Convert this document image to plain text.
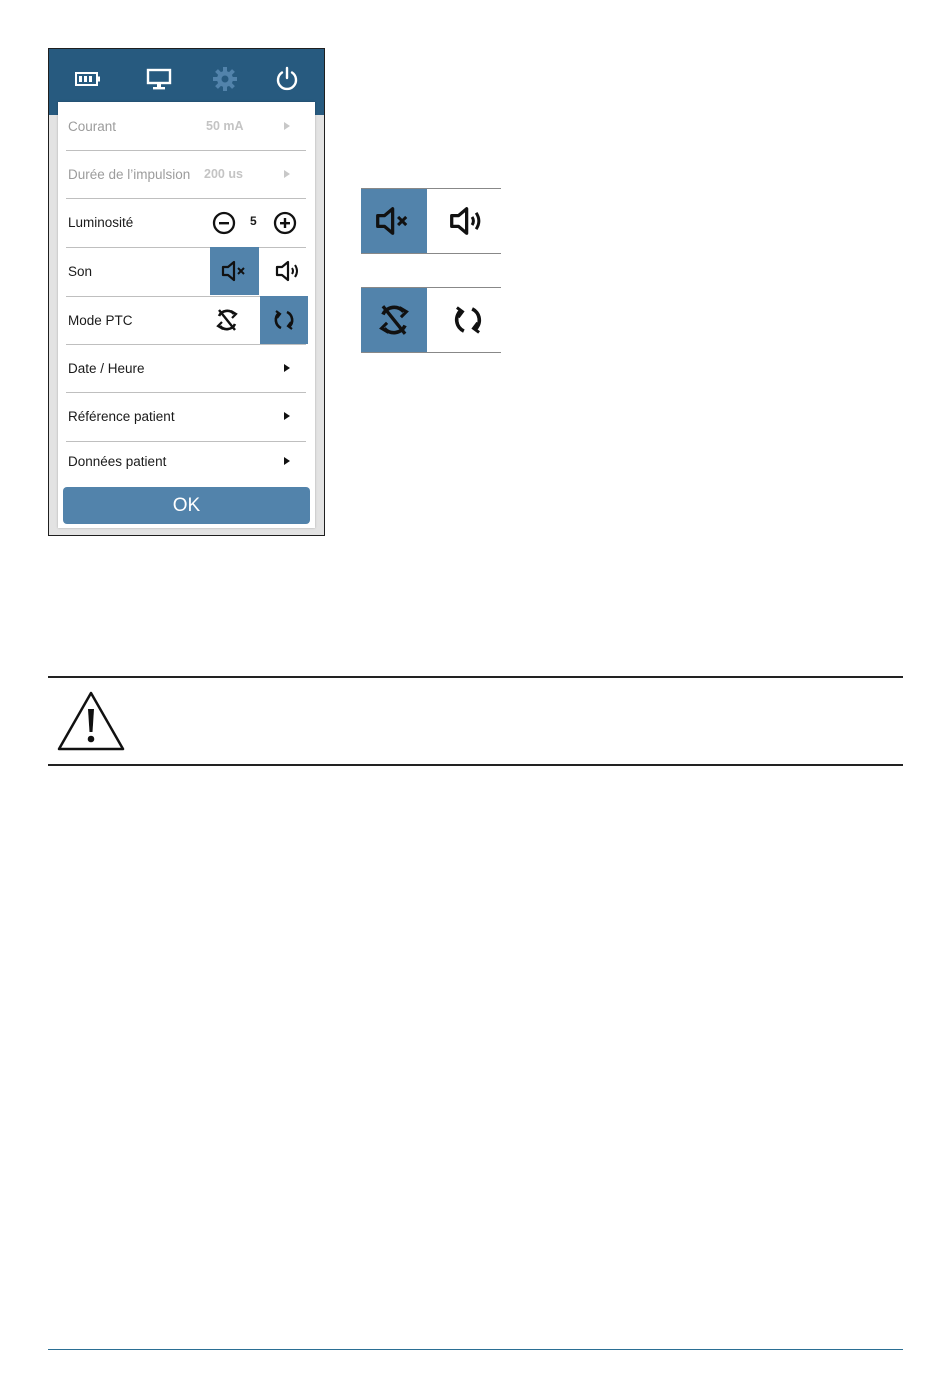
Courant	50 mA
Durée de l’impulsion 200 us
Luminosité	5
Son
Mode PTC
Date / Heure
Référence patient
Données patient
OK
